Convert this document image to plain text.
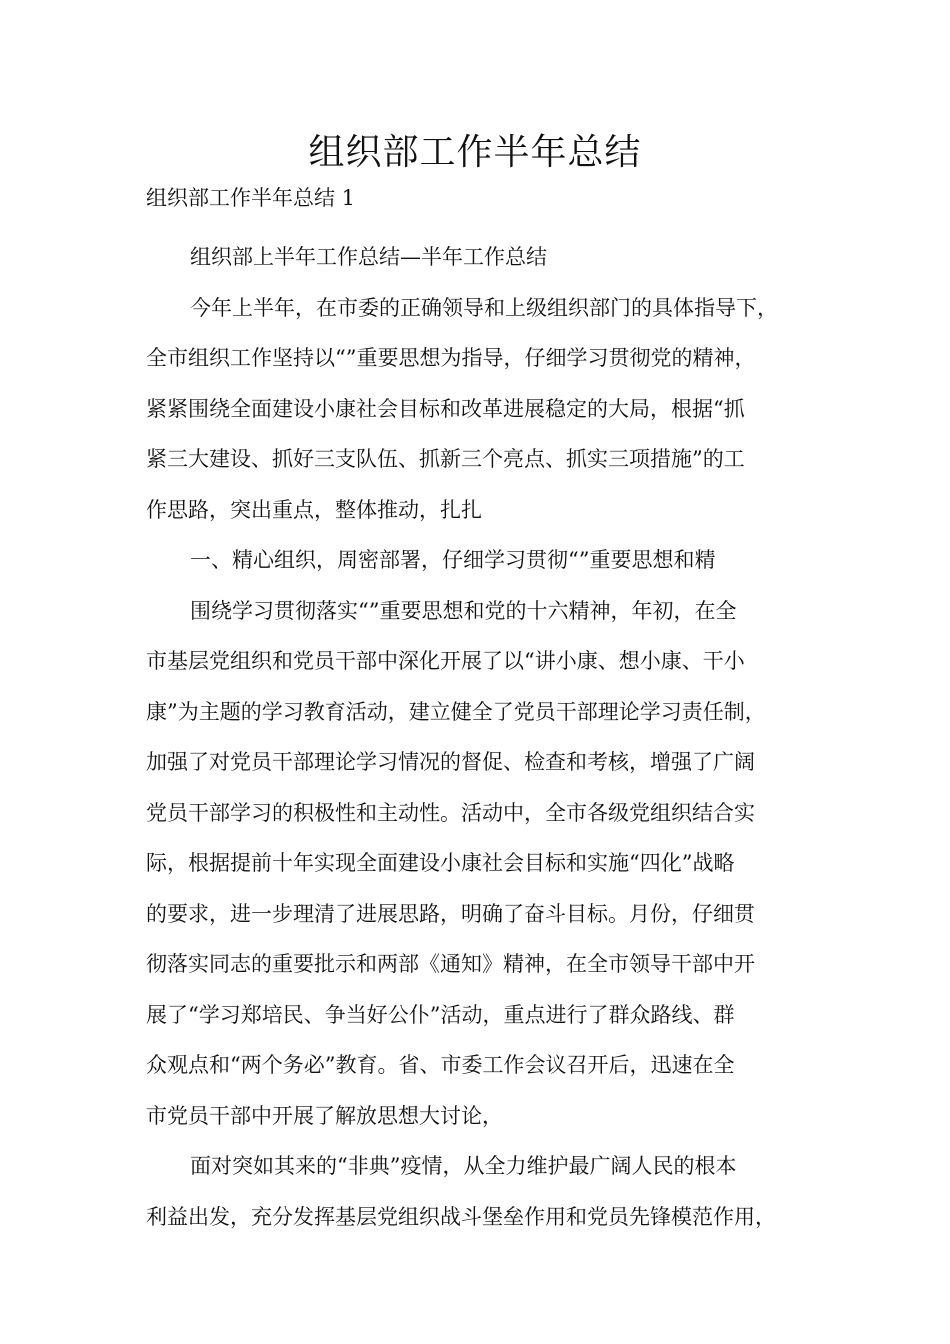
组织部工作半年总结

组织部工作半年总结 1

组织部上半年工作总结—半年工作总结
今年上半年，在市委的正确领导和上级组织部门的具体指导下，
全市组织工作坚持以“”重要思想为指导，仔细学习贯彻党的精神，
紧紧围绕全面建设小康社会目标和改革进展稳定的大局，根据“抓
紧三大建设、抓好三支队伍、抓新三个亮点、抓实三项措施”的工
作思路，突出重点，整体推动，扎扎
一、精心组织，周密部署，仔细学习贯彻“”重要思想和精
围绕学习贯彻落实“”重要思想和党的十六精神，年初，在全
市基层党组织和党员干部中深化开展了以“讲小康、想小康、干小
康”为主题的学习教育活动，建立健全了党员干部理论学习责任制，
加强了对党员干部理论学习情况的督促、检查和考核，增强了广阔
党员干部学习的积极性和主动性。活动中，全市各级党组织结合实
际，根据提前十年实现全面建设小康社会目标和实施“四化”战略
的要求，进一步理清了进展思路，明确了奋斗目标。月份，仔细贯
彻落实同志的重要批示和两部《通知》精神，在全市领导干部中开
展了“学习郑培民、争当好公仆”活动，重点进行了群众路线、群
众观点和“两个务必”教育。省、市委工作会议召开后，迅速在全
市党员干部中开展了解放思想大讨论，
面对突如其来的“非典”疫情，从全力维护最广阔人民的根本
利益出发，充分发挥基层党组织战斗堡垒作用和党员先锋模范作用，
